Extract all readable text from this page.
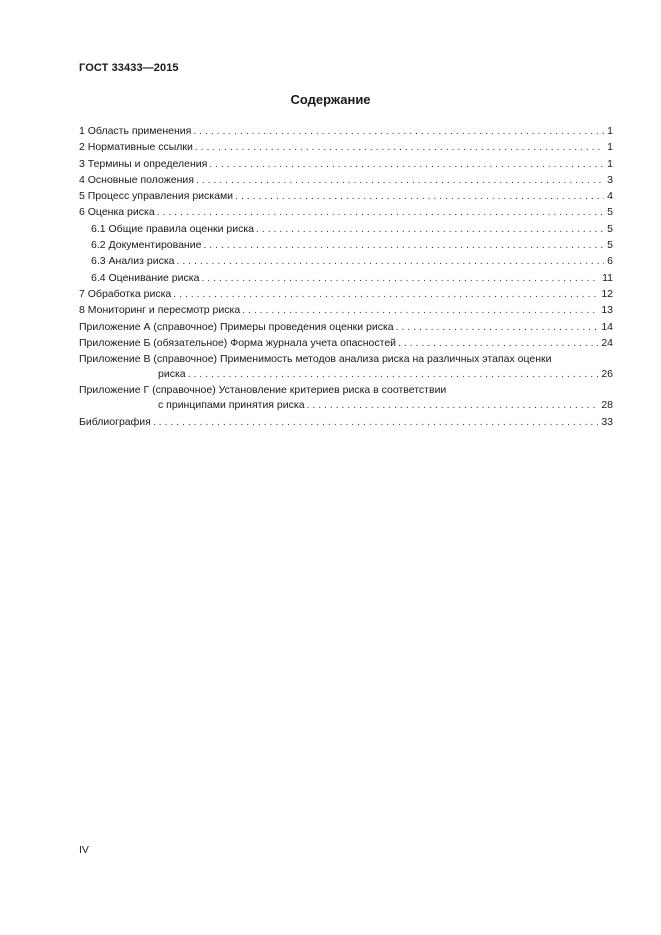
ГОСТ 33433—2015
Содержание
1 Область применения . . .	1
2 Нормативные ссылки . . .	1
3 Термины и определения . . .	1
4 Основные положения . . .	3
5 Процесс управления рисками . . .	4
6 Оценка риска . . .	5
6.1 Общие правила оценки риска . . .	5
6.2 Документирование . . .	5
6.3 Анализ риска . . .	6
6.4 Оценивание риска . . .	11
7 Обработка риска . . .	12
8 Мониторинг и пересмотр риска . . .	13
Приложение А (справочное) Примеры проведения оценки риска . . .	14
Приложение Б (обязательное) Форма журнала учета опасностей . . .	24
Приложение В (справочное) Применимость методов анализа риска на различных этапах оценки
риска . . .	26
Приложение Г (справочное) Установление критериев риска в соответствии
с принципами принятия риска . . .	28
Библиография . . .	33
IV
